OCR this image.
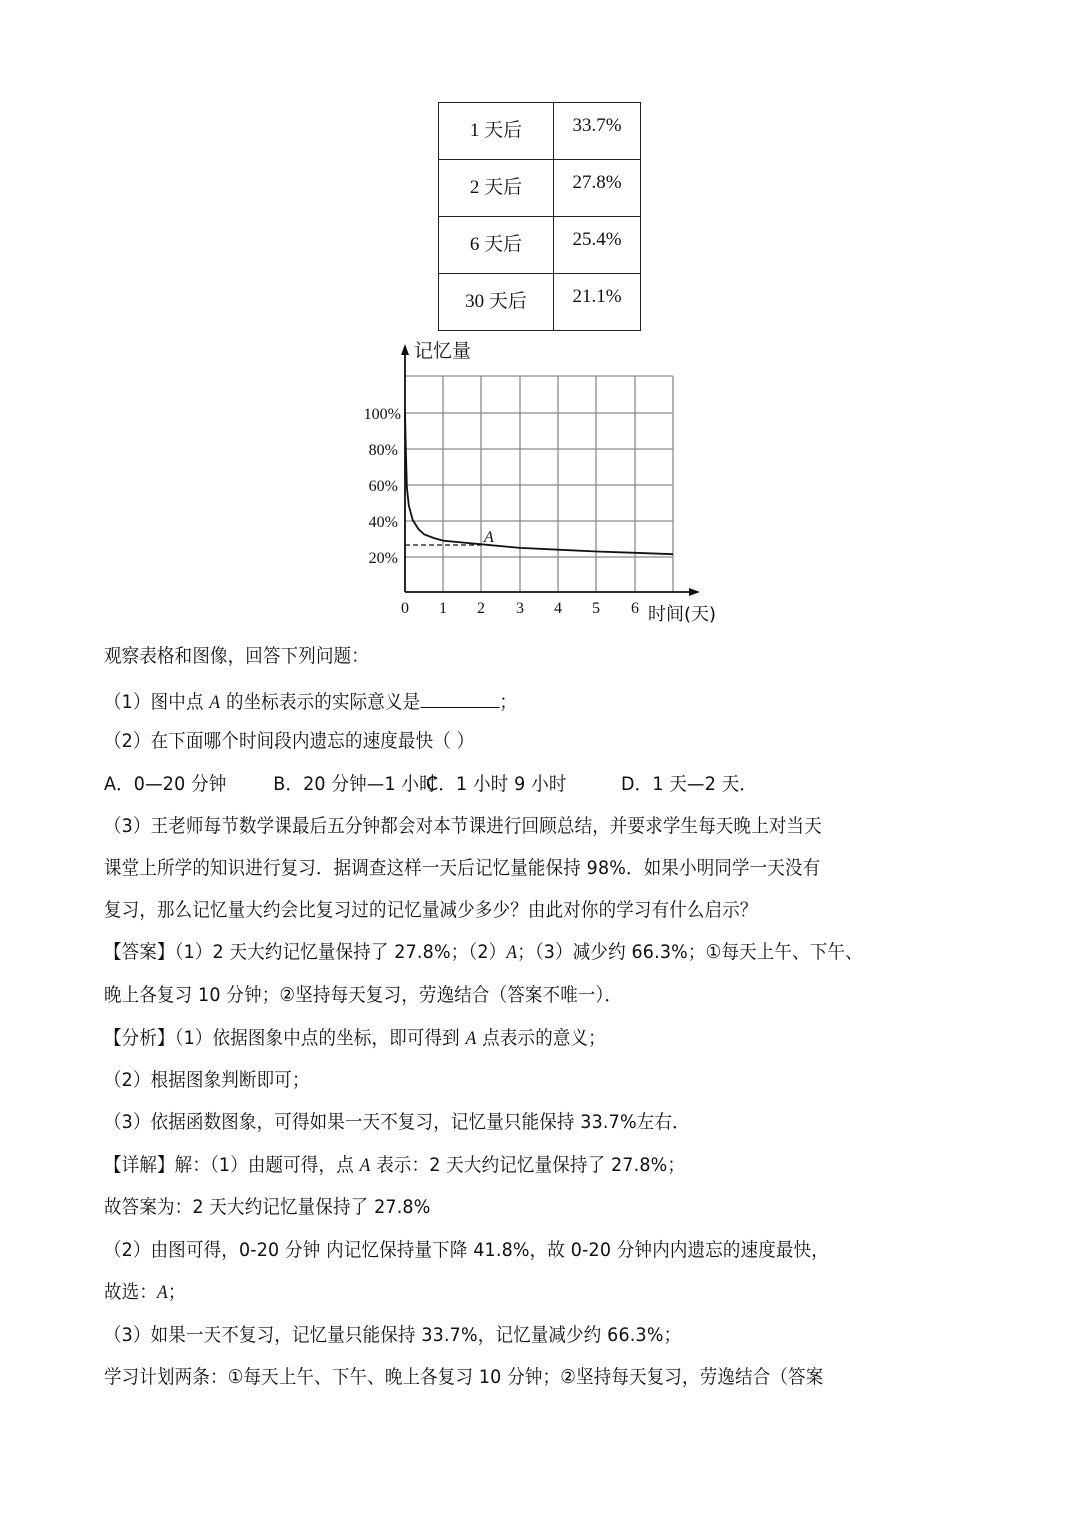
1 天后	33.7%

2 天后	27.8%

6 天后	25.4%

30 天后	21.1%
记忆量
时间(天)
100%
80%
60%
40%
20%
0 1 2 3 4 5 6
A
观察表格和图像，回答下列问题：
（1）图中点 A 的坐标表示的实际意义是	；
（2）在下面哪个时间段内遗忘的速度最快（ ）
A．0—20 分钟 B．20 分钟—1 小时C．1 小时 9 小时	D．1 天—2 天．
（3）王老师每节数学课最后五分钟都会对本节课进行回顾总结，并要求学生每天晚上对当天
课堂上所学的知识进行复习．据调查这样一天后记忆量能保持 98%．如果小明同学一天没有
复习，那么记忆量大约会比复习过的记忆量减少多少？由此对你的学习有什么启示？
【答案】（1）2 天大约记忆量保持了 27.8%；（2）A；（3）减少约 66.3%；①每天上午、下午、
晚上各复习 10 分钟；②坚持每天复习，劳逸结合（答案不唯一）．
【分析】（1）依据图象中点的坐标，即可得到 A 点表示的意义；
（2）根据图象判断即可；
（3）依据函数图象，可得如果一天不复习，记忆量只能保持 33.7%左右．
【详解】解：（1）由题可得，点 A 表示：2 天大约记忆量保持了 27.8%；
故答案为：2 天大约记忆量保持了 27.8%
（2）由图可得，0-20 分钟 内记忆保持量下降 41.8%，故 0-20 分钟内内遗忘的速度最快，
故选：A；
（3）如果一天不复习，记忆量只能保持 33.7%，记忆量减少约 66.3%；
学习计划两条：①每天上午、下午、晚上各复习 10 分钟；②坚持每天复习，劳逸结合（答案
